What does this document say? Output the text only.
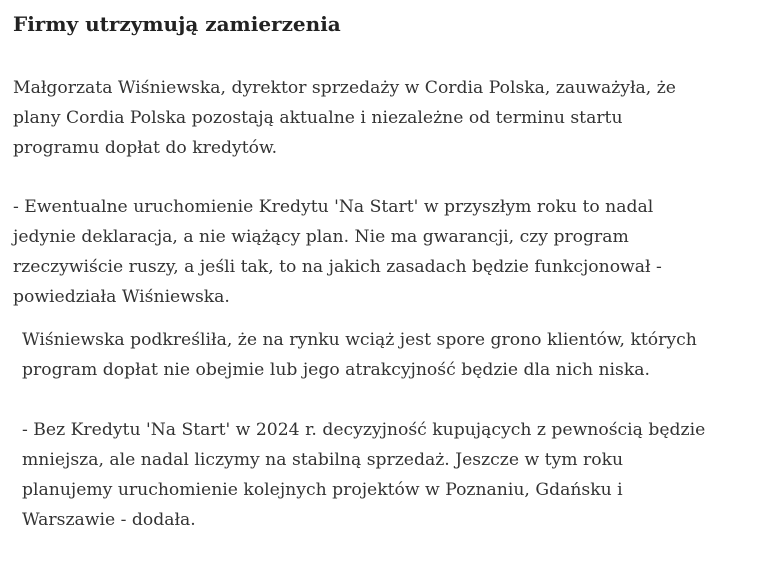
Firmy utrzymują zamierzenia

Małgorzata Wiśniewska, dyrektor sprzedaży w Cordia Polska, zauważyła, że
plany Cordia Polska pozostają aktualne i niezależne od terminu startu
programu dopłat do kredytów.

- Ewentualne uruchomienie Kredytu 'Na Start' w przyszłym roku to nadal
jedynie deklaracja, a nie wiążący plan. Nie ma gwarancji, czy program
rzeczywiście ruszy, a jeśli tak, to na jakich zasadach będzie funkcjonował -
powiedziała Wiśniewska.

Wiśniewska podkreśliła, że na rynku wciąż jest spore grono klientów, których
program dopłat nie obejmie lub jego atrakcyjność będzie dla nich niska.

- Bez Kredytu 'Na Start' w 2024 r. decyzyjność kupujących z pewnością będzie
mniejsza, ale nadal liczymy na stabilną sprzedaż. Jeszcze w tym roku
planujemy uruchomienie kolejnych projektów w Poznaniu, Gdańsku i
Warszawie - dodała.
